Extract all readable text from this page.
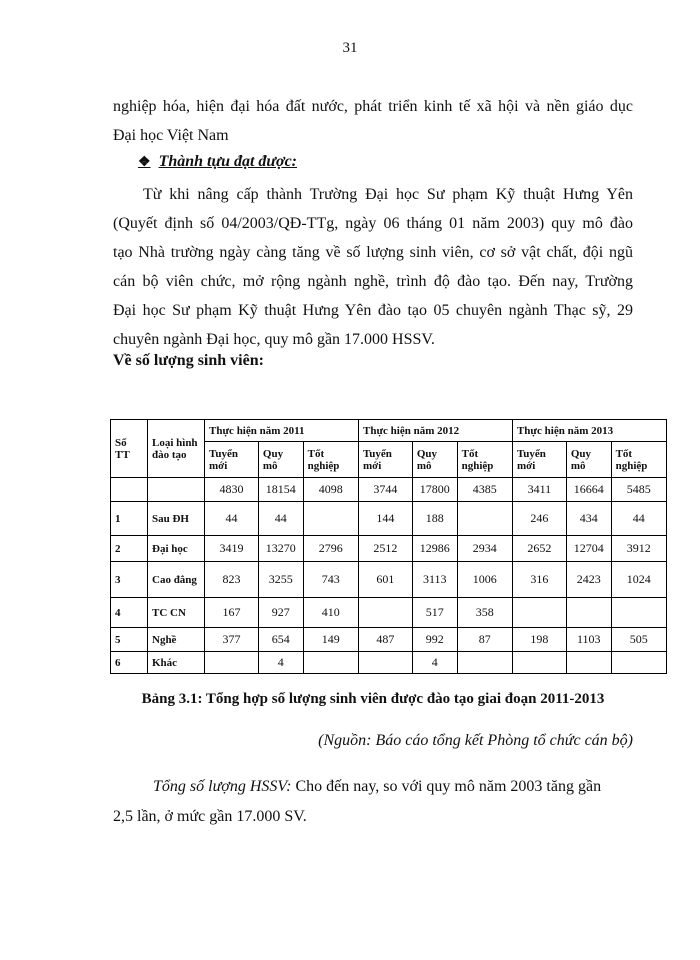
31
nghiệp hóa, hiện đại hóa đất nước, phát triển kinh tế xã hội và nền giáo dục
Đại học Việt Nam
❖ Thành tựu đạt được:
Từ khi nâng cấp thành Trường Đại học Sư phạm Kỹ thuật Hưng Yên
(Quyết định số 04/2003/QĐ-TTg, ngày 06 tháng 01 năm 2003) quy mô đào
tạo Nhà trường ngày càng tăng về số lượng sinh viên, cơ sở vật chất, đội ngũ
cán bộ viên chức, mở rộng ngành nghề, trình độ đào tạo. Đến nay, Trường
Đại học Sư phạm Kỹ thuật Hưng Yên đào tạo 05 chuyên ngành Thạc sỹ, 29
chuyên ngành Đại học, quy mô gần 17.000 HSSV.
Về số lượng sinh viên:
Số TT	Loại hình đào tạo	Thực hiện năm 2011			Thực hiện năm 2012			Thực hiện năm 2013		
		Tuyển mới	Quy mô	Tốt nghiệp	Tuyển mới	Quy mô	Tốt nghiệp	Tuyển mới	Quy mô	Tốt nghiệp
		4830	18154	4098	3744	17800	4385	3411	16664	5485
1	Sau ĐH	44	44		144	188		246	434	44
2	Đại học	3419	13270	2796	2512	12986	2934	2652	12704	3912
3	Cao đẳng	823	3255	743	601	3113	1006	316	2423	1024
4	TC CN	167	927	410		517	358			
5	Nghề	377	654	149	487	992	87	198	1103	505
6	Khác		4			4				
Bảng 3.1: Tổng hợp số lượng sinh viên được đào tạo giai đoạn 2011-2013
(Nguồn: Báo cáo tổng kết Phòng tổ chức cán bộ)
Tổng số lượng HSSV: Cho đến nay, so với quy mô năm 2003 tăng gần
2,5 lần, ở mức gần 17.000 SV.
